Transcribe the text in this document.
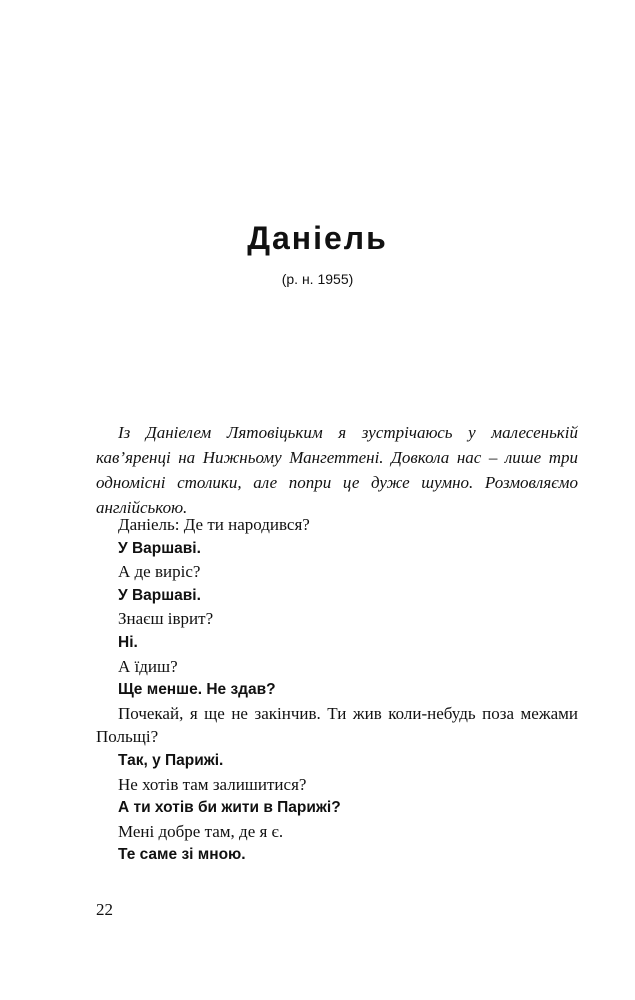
Даніель
(р. н. 1955)

Із Даніелем Лятовіцьким я зустрічаюсь у малесенькій кав’яренці на Нижньому Мангеттені. Довкола нас – лише три одномісні столики, але попри це дуже шумно. Розмовляємо англійською.

Даніель: Де ти народився?
У Варшаві.
А де виріс?
У Варшаві.
Знаєш іврит?
Ні.
А їдиш?
Ще менше. Не здав?
Почекай, я ще не закінчив. Ти жив коли-небудь поза межами Польщі?
Так, у Парижі.
Не хотів там залишитися?
А ти хотів би жити в Парижі?
Мені добре там, де я є.
Те саме зі мною.
22
